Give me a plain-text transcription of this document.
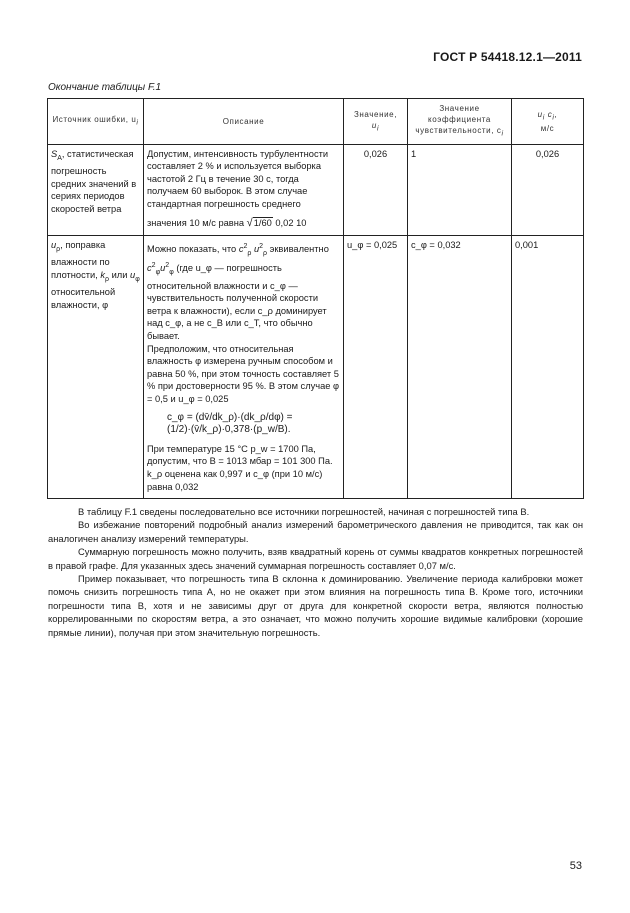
ГОСТ Р 54418.12.1—2011
Окончание таблицы F.1
Источник ошибки, $u_i$	Описание	Значение,
$u_i$	Значение коэффициента чувствительности, $c_i$	$u_i$ $c_i$,
м/с
$S_A$, статистическая погрешность средних значений в сериях периодов скоростей ветра	Допустим, интенсивность турбулентности составляет 2 % и используется выборка частотой 2 Гц в течение 30 с, тогда получаем 60 выборок. В этом случае стандартная погрешность среднего

значения 10 м/с равна √1/60 0,02 10	0,026	1	0,026
$u_\rho$, поправка влажности по плотности, $k_\rho$ или $u_\varphi$ относительной влажности, φ	Можно показать, что $c^2_\rho$ $u^2_\rho$ эквивалентно

$c^2_\varphi u^2_\varphi$ (где u_φ — погрешность относительной влажности и c_φ — чувствительность полученной скорости ветра к влажности), если c_ρ доминирует над c_φ, а не c_B или c_T, что обычно бывает.

Предположим, что относительная влажность φ измерена ручным способом и равна 50 %, при этом точность составляет 5 % при достоверности 95 %. В этом случае φ = 0,5 и u_φ = 0,025

c_φ = (dv̄/dk_ρ)·(dk_ρ/dφ) = (1/2)·(v̄/k_ρ)·0,378·(p_w/B).

При температуре 15 °C p_w = 1700 Па, допустим, что B = 1013 мбар = 101 300 Па. k_ρ оценена как 0,997 и c_φ (при 10 м/с) равна 0,032	u_φ = 0,025	c_φ = 0,032	0,001

В таблицу F.1 сведены последовательно все источники погрешностей, начиная с погрешностей типа В.

Во избежание повторений подробный анализ измерений барометрического давления не приводится, так как он аналогичен анализу измерений температуры.

Суммарную погрешность можно получить, взяв квадратный корень от суммы квадратов конкретных погрешностей в правой графе. Для указанных здесь значений суммарная погрешность составляет 0,07 м/с.

Пример показывает, что погрешность типа В склонна к доминированию. Увеличение периода калибровки может помочь снизить погрешность типа А, но не окажет при этом влияния на погрешность типа В. Кроме того, источники погрешности типа В, хотя и не зависимы друг от друга для конкретной скорости ветра, являются полностью коррелированными по скоростям ветра, а это означает, что можно получить хорошие видимые калибровки (хорошие прямые линии), получая при этом значительную погрешность.

53
